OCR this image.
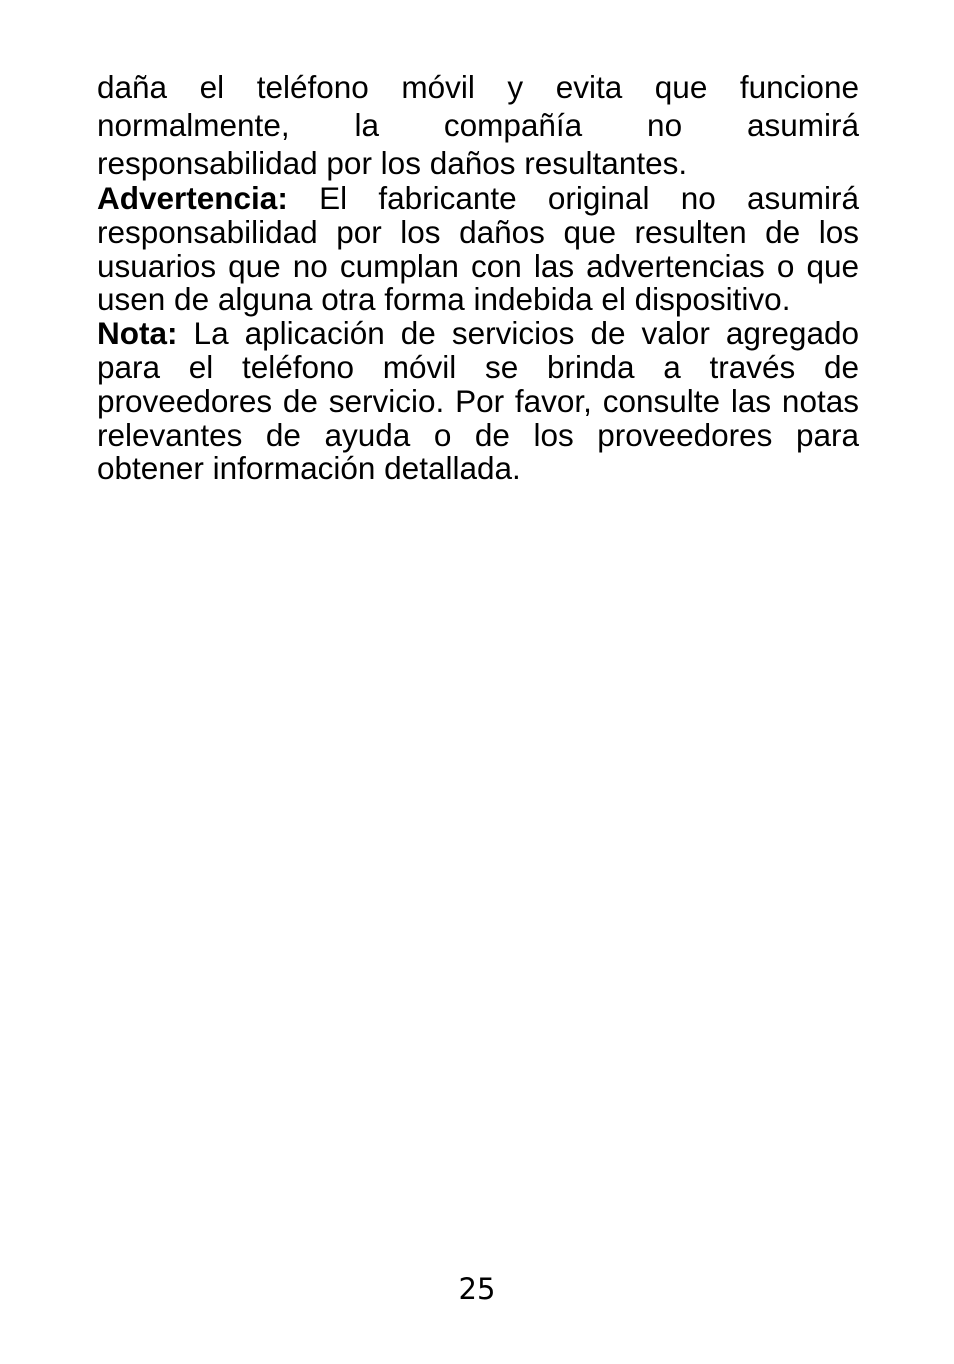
daña el teléfono móvil y evita que funcione normalmente, la compañía no asumirá responsabilidad por los daños resultantes.

Advertencia: El fabricante original no asumirá responsabilidad por los daños que resulten de los usuarios que no cumplan con las advertencias o que usen de alguna otra forma indebida el dispositivo.

Nota: La aplicación de servicios de valor agregado para el teléfono móvil se brinda a través de proveedores de servicio. Por favor, consulte las notas relevantes de ayuda o de los proveedores para obtener información detallada.

25
